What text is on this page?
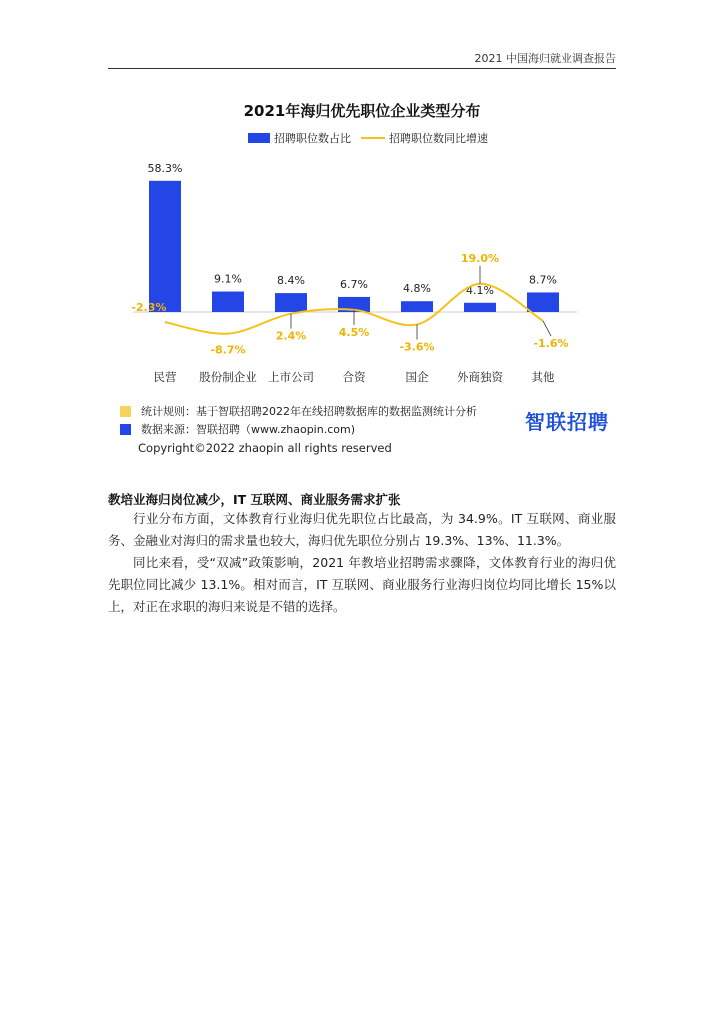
2021 中国海归就业调查报告
2021年海归优先职位企业类型分布
招聘职位数占比	招聘职位数同比增速
58.3%
9.1%	8.4%	6.7%	4.8%	4.1%
8.7%
民营 股份制企业 上市公司 合资	国企 外商独资 其他
-2.3%
-8.7%
2.4%	4.5%
-3.6%
19.0%
-1.6%
统计规则：基于智联招聘2022年在线招聘数据库的数据监测统计分析
数据来源：智联招聘（www.zhaopin.com)	智联招聘
Copyright©2022 zhaopin all rights reserved
教培业海归岗位减少，IT 互联网、商业服务需求扩张
行业分布方面，文体教育行业海归优先职位占比最高，为 34.9%。IT 互联网、商业服务、金融业对海归的需求量也较大，海归优先职位分别占 19.3%、13%、11.3%。
同比来看，受“双减”政策影响，2021 年教培业招聘需求骤降，文体教育行业的海归优先职位同比减少 13.1%。相对而言，IT 互联网、商业服务行业海归岗位均同比增长 15%以上，对正在求职的海归来说是不错的选择。
